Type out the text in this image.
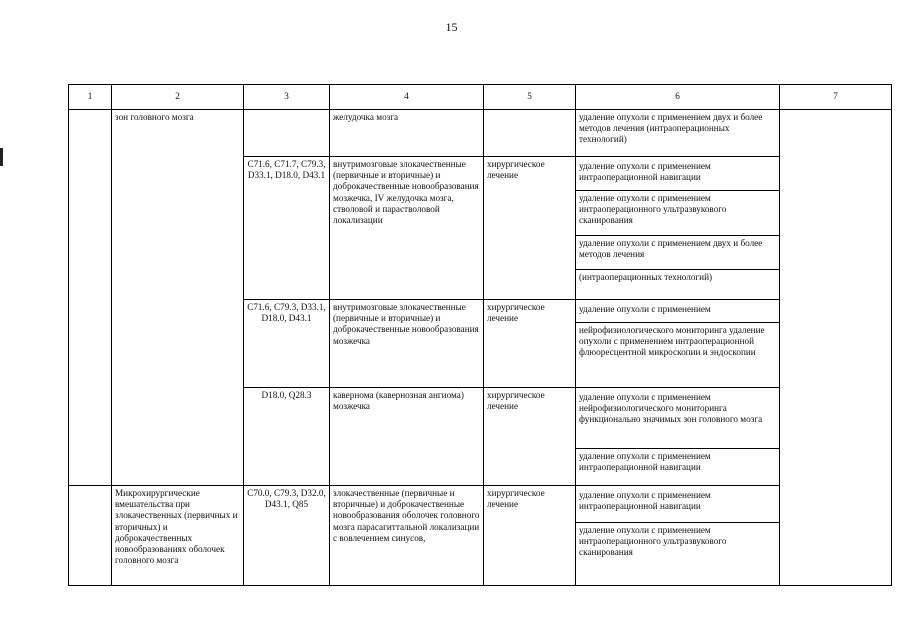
15
1	2	3	4	5	6	7
	зон головного мозга		желудочка мозга		удаление опухоли с применением двух и более методов лечения (интраоперационных технологий)	
		C71.6, C71.7, C79.3, D33.1, D18.0, D43.1	внутримозговые злокачественные (первичные и вторичные) и доброкачественные новообразования мозжечка, IV желудочка мозга, стволовой и парастволовой локализации	хирургическое лечение	удаление опухоли с применением интраоперационной навигации
удаление опухоли с применением интраоперационного ультразвукового сканирования
удаление опухоли с применением двух и более методов лечения
(интраоперационных технологий)	

		C71.6, C79.3, D33.1, D18.0, D43.1	внутримозговые злокачественные (первичные и вторичные) и доброкачественные новообразования мозжечка	хирургическое лечение	удаление опухоли с применением
нейрофизиологического мониторинга удаление опухоли с применением интраоперационной флюоресцентной микроскопии и эндоскопии	

		D18.0, Q28.3	кавернома (кавернозная ангиома) мозжечка	хирургическое лечение	удаление опухоли с применением нейрофизиологического мониторинга функционально значимых зон головного мозга
удаление опухоли с применением интраоперационной навигации	

	Микрохирургические вмешательства при злокачественных (первичных и вторичных) и доброкачественных новообразованиях оболочек головного мозга	C70.0, C79.3, D32.0, D43.1, Q85	злокачественные (первичные и вторичные) и доброкачественные новообразования оболочек головного мозга парасагиттальной локализации с вовлечением синусов,	хирургическое лечение	удаление опухоли с применением интраоперационной навигации
удаление опухоли с применением интраоперационного ультразвукового сканирования	
